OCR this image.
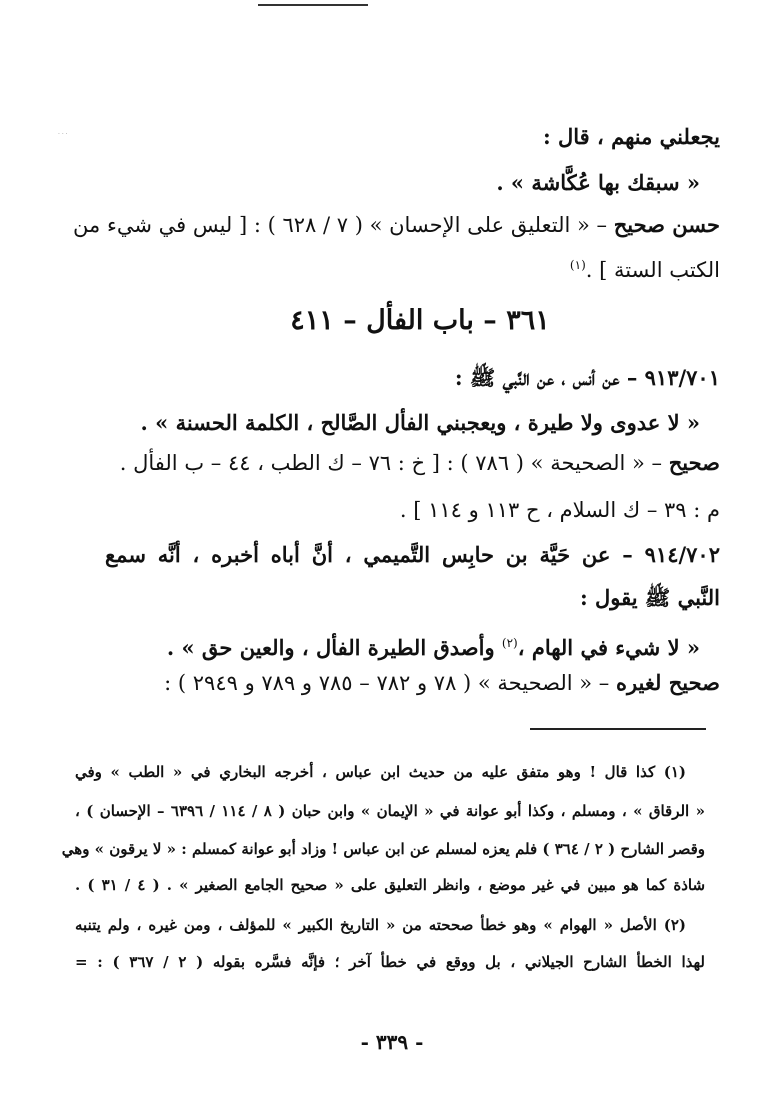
· · ·	يجعلني منهم ، قال :
« سبقك بها عُكَّاشة » .
حسن صحيح – « التعليق على الإحسان » ( ٧ / ٦٢٨ ) : [ ليس في شيء من
الكتب الستة ] .$^{(١)}$
٣٦١ – باب الفأل – ٤١١
٩١٣/٧٠١ – عن أنس ، عن النَّبي ﷺ :
« لا عدوى ولا طيرة ، ويعجبني الفأل الصَّالح ، الكلمة الحسنة » .
صحيح – « الصحيحة » ( ٧٨٦ ) : [ خ : ٧٦ – ك الطب ، ٤٤ – ب الفأل .
م : ٣٩ – ك السلام ، ح ١١٣ و ١١٤ ] .
٩١٤/٧٠٢ – عن حَيَّة بن حابِس التَّميمي ، أنَّ أباه أخبره ، أنَّه سمع
النَّبي ﷺ يقول :
« لا شيء في الهام ،$^{(٢)}$ وأصدق الطيرة الفأل ، والعين حق » .
صحيح لغيره – « الصحيحة » ( ٧٨ و ٧٨٢ – ٧٨٥ و ٧٨٩ و ٢٩٤٩ ) :
(١) كذا قال ! وهو متفق عليه من حديث ابن عباس ، أخرجه البخاري في « الطب » وفي
« الرقاق » ، ومسلم ، وكذا أبو عوانة في « الإيمان » وابن حبان ( ٨ / ١١٤ / ٦٣٩٦ – الإحسان ) ،
وقصر الشارح ( ٢ / ٣٦٤ ) فلم يعزه لمسلم عن ابن عباس ! وزاد أبو عوانة كمسلم : « لا يرقون » وهي
شاذة كما هو مبين في غير موضع ، وانظر التعليق على « صحيح الجامع الصغير » . ( ٤ / ٣١ ) .
(٢) الأصل « الهوام » وهو خطأ صححته من « التاريخ الكبير » للمؤلف ، ومن غيره ، ولم يتنبه
لهذا الخطأ الشارح الجيلاني ، بل ووقع في خطأ آخر ؛ فإنَّه فسَّره بقوله ( ٢ / ٣٦٧ ) : =
- ٣٣٩ -
